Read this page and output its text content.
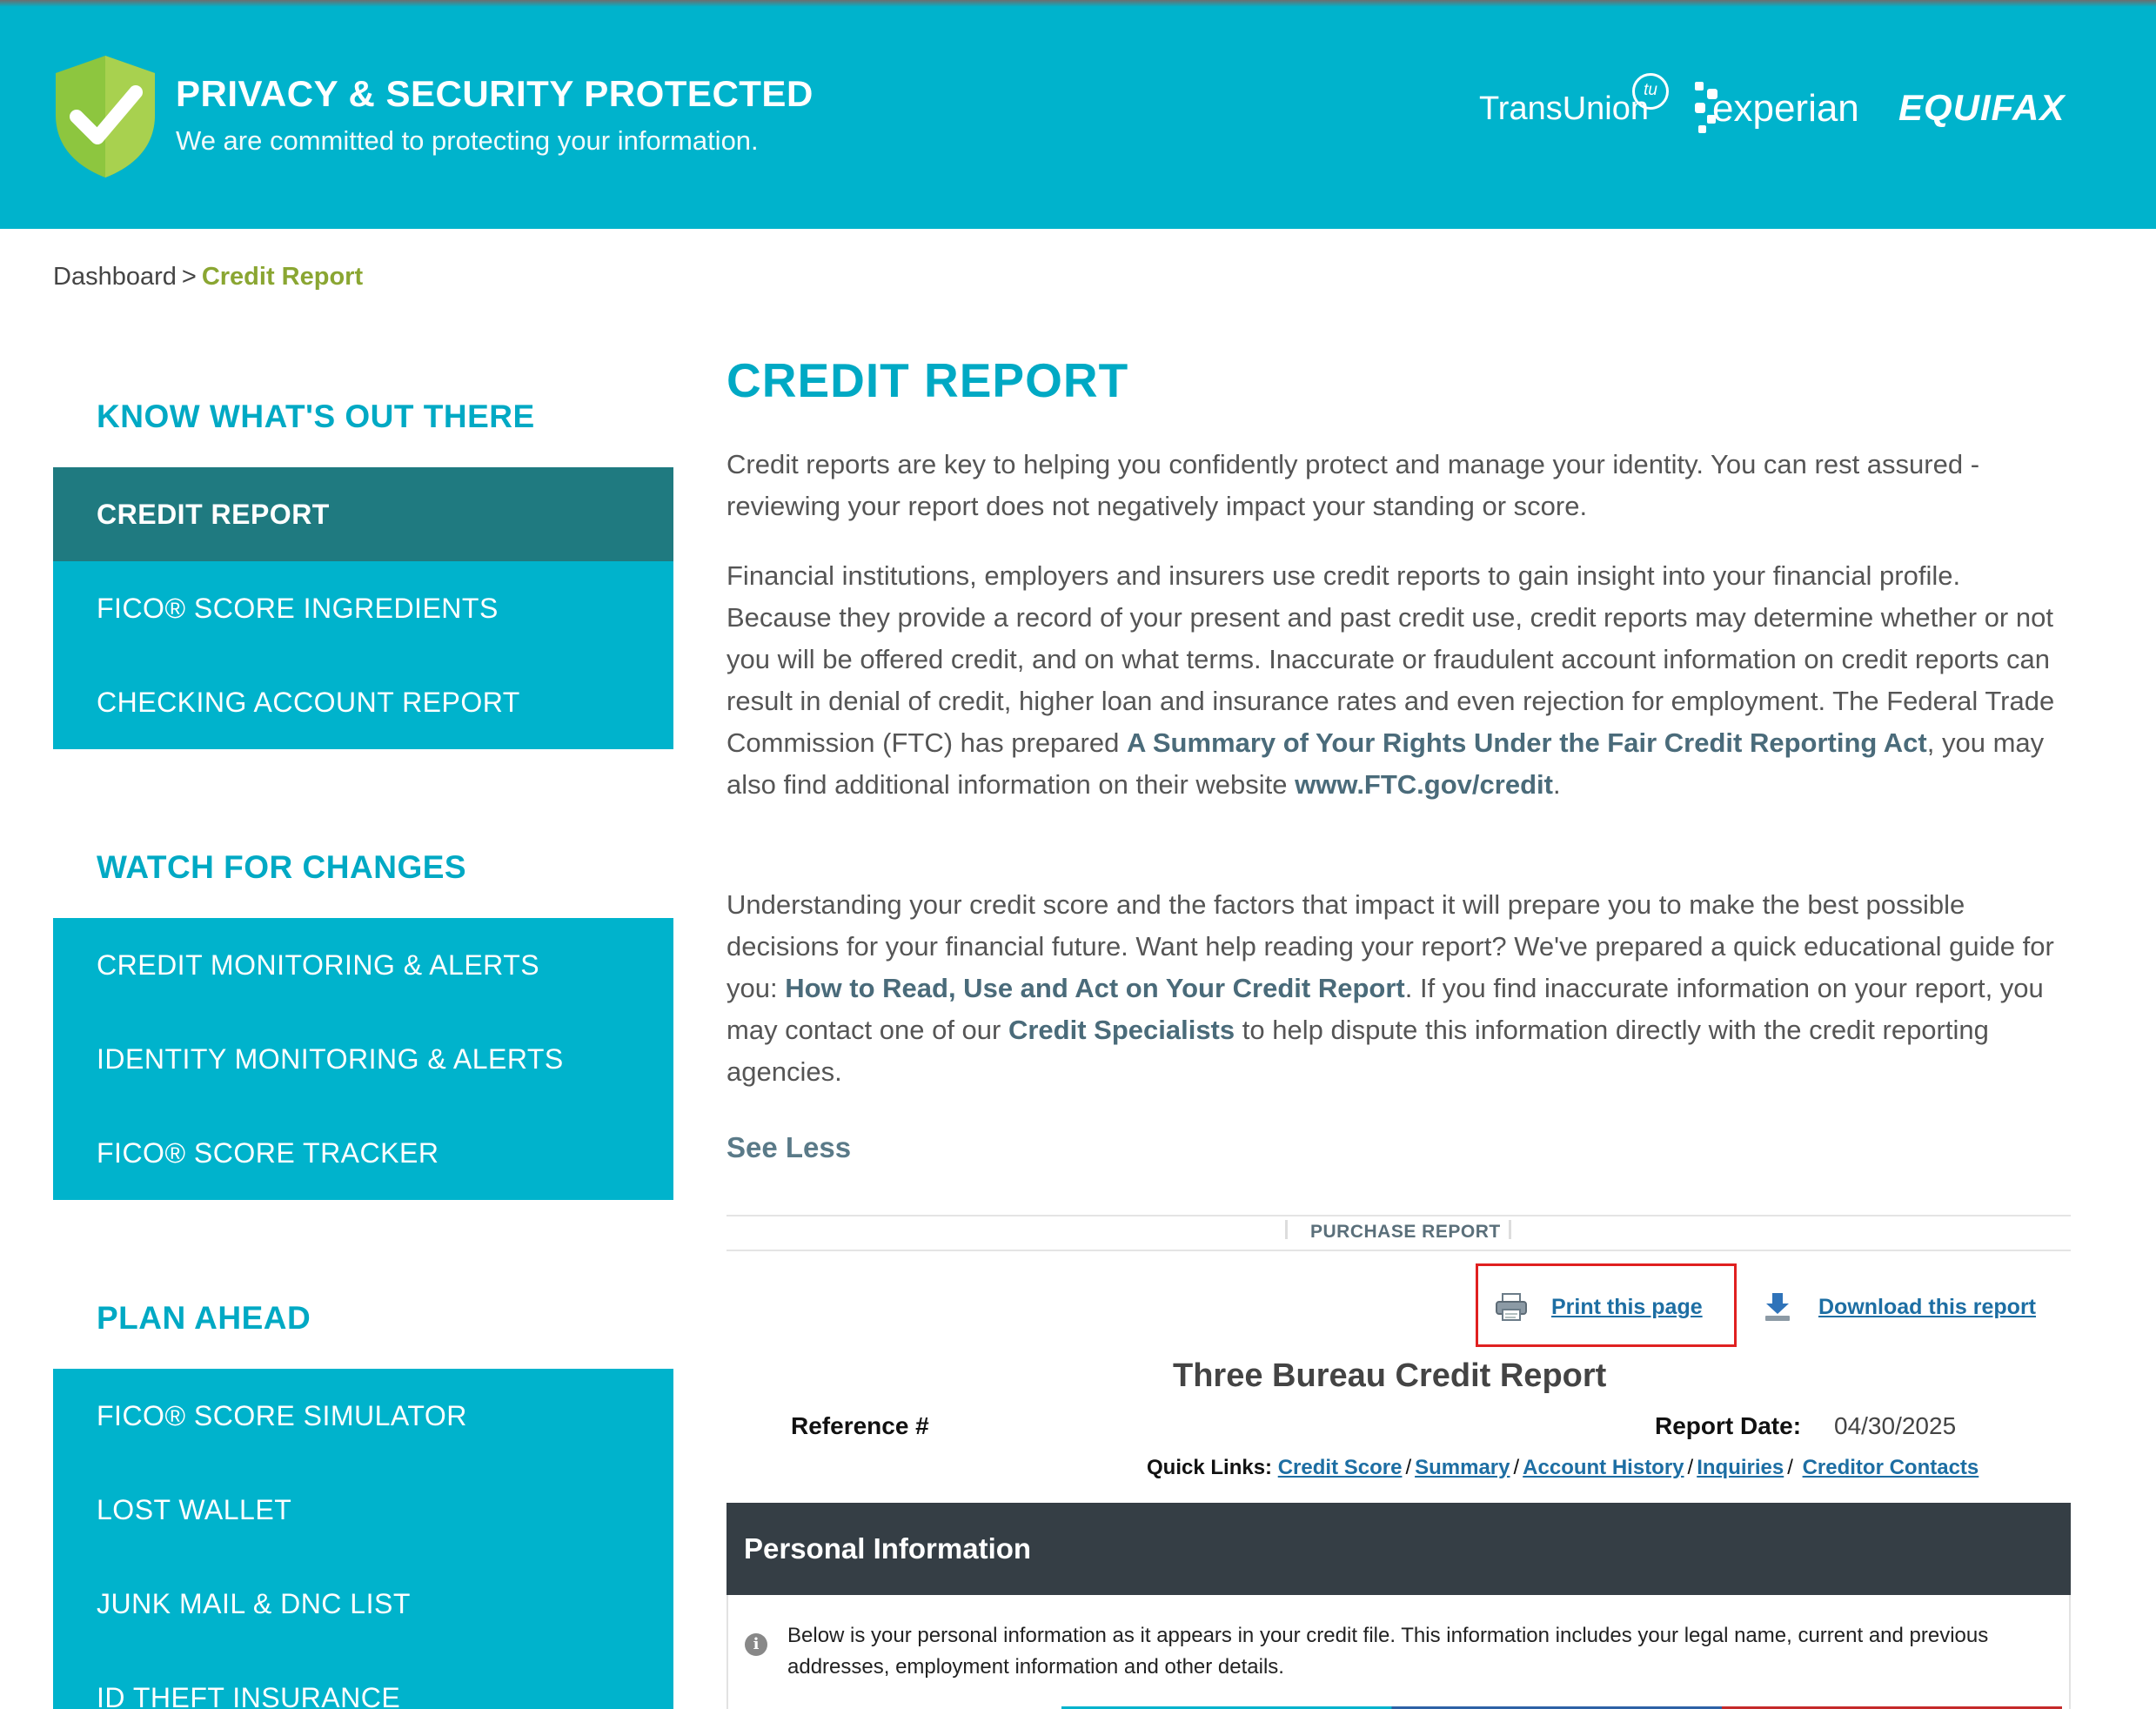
PRIVACY & SECURITY PROTECTED
We are committed to protecting your information.
TransUnion
tu experian EQUIFAX
Dashboard > Credit Report
KNOW WHAT'S OUT THERE
CREDIT REPORT
FICO® SCORE INGREDIENTS
CHECKING ACCOUNT REPORT
WATCH FOR CHANGES
CREDIT MONITORING & ALERTS
IDENTITY MONITORING & ALERTS
FICO® SCORE TRACKER
PLAN AHEAD
FICO® SCORE SIMULATOR
LOST WALLET
JUNK MAIL & DNC LIST
ID THEFT INSURANCE
CREDIT REPORT

Credit reports are key to helping you confidently protect and manage your identity. You can rest assured - reviewing your report does not negatively impact your standing or score.

Financial institutions, employers and insurers use credit reports to gain insight into your financial profile. Because they provide a record of your present and past credit use, credit reports may determine whether or not you will be offered credit, and on what terms. Inaccurate or fraudulent account information on credit reports can result in denial of credit, higher loan and insurance rates and even rejection for employment. The Federal Trade Commission (FTC) has prepared A Summary of Your Rights Under the Fair Credit Reporting Act, you may also find additional information on their website www.FTC.gov/credit.

Understanding your credit score and the factors that impact it will prepare you to make the best possible decisions for your financial future. Want help reading your report? We've prepared a quick educational guide for you: How to Read, Use and Act on Your Credit Report. If you find inaccurate information on your report, you may contact one of our Credit Specialists to help dispute this information directly with the credit reporting agencies.

See Less
PURCHASE REPORT
Print this page	Download this report
Three Bureau Credit Report
Reference #	Report Date: 04/30/2025
Quick Links: Credit Score / Summary / Account History / Inquiries / Creditor Contacts
Personal Information
i	Below is your personal information as it appears in your credit file. This information includes your legal name, current and previous addresses, employment information and other details.
